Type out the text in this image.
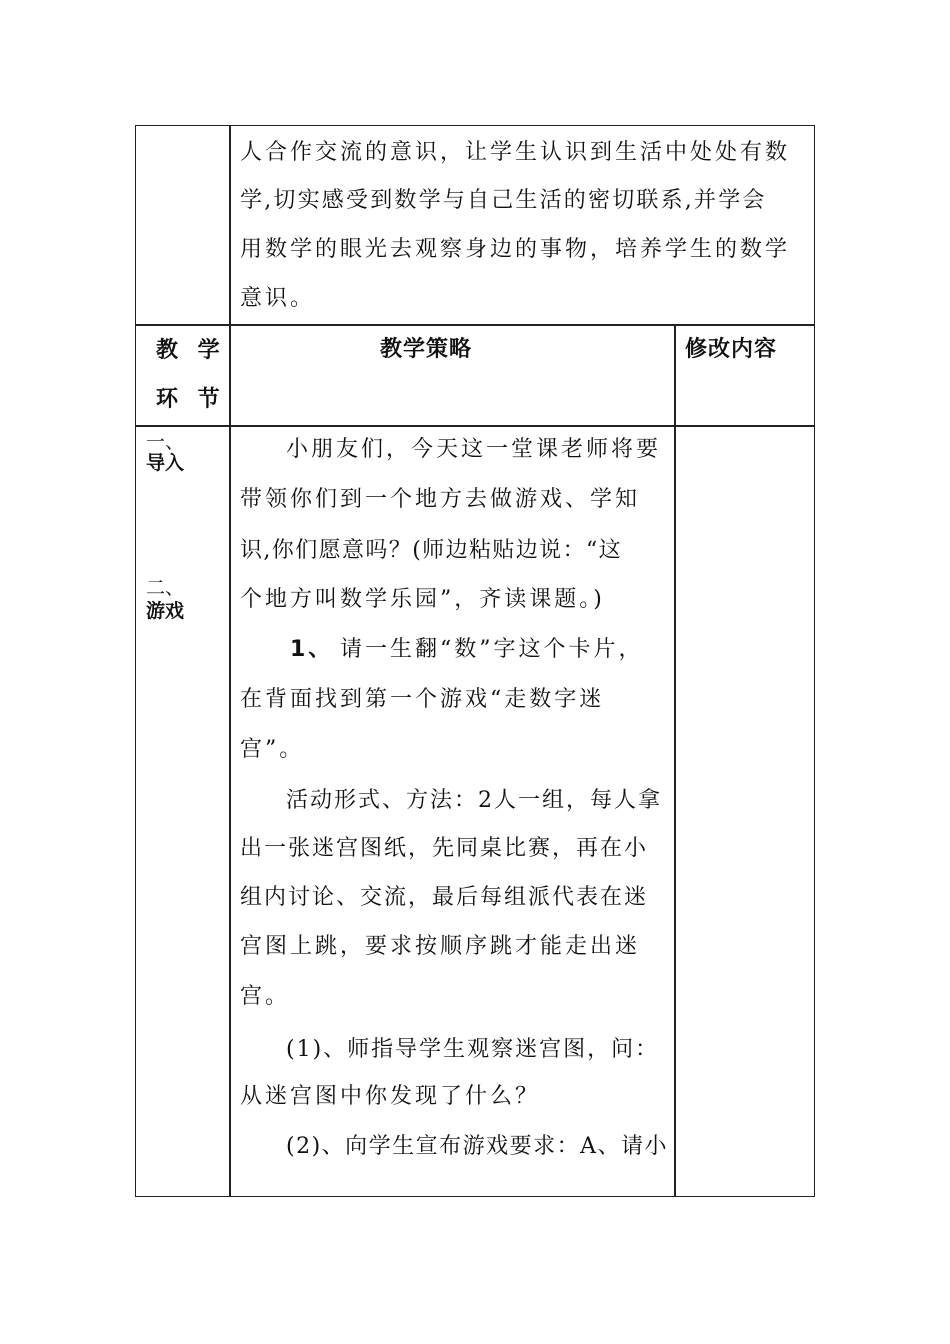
人合作交流的意识，让学生认识到生活中处处有数
学,切实感受到数学与自己生活的密切联系,并学会
用数学的眼光去观察身边的事物，培养学生的数学
意识。
教 学
环 节
教学策略	修改内容
一、
导入
二、
游戏
小朋友们，今天这一堂课老师将要
带领你们到一个地方去做游戏、学知
识,你们愿意吗？(师边粘贴边说：“这
个地方叫数学乐园”，齐读课题。)
1、 请一生翻“数”字这个卡片，
在背面找到第一个游戏“走数字迷
宫”。
活动形式、方法：2人一组，每人拿
出一张迷宫图纸，先同桌比赛，再在小
组内讨论、交流，最后每组派代表在迷
宫图上跳，要求按顺序跳才能走出迷
宫。
(1)、师指导学生观察迷宫图，问：
从迷宫图中你发现了什么？
(2)、向学生宣布游戏要求：A、请小
